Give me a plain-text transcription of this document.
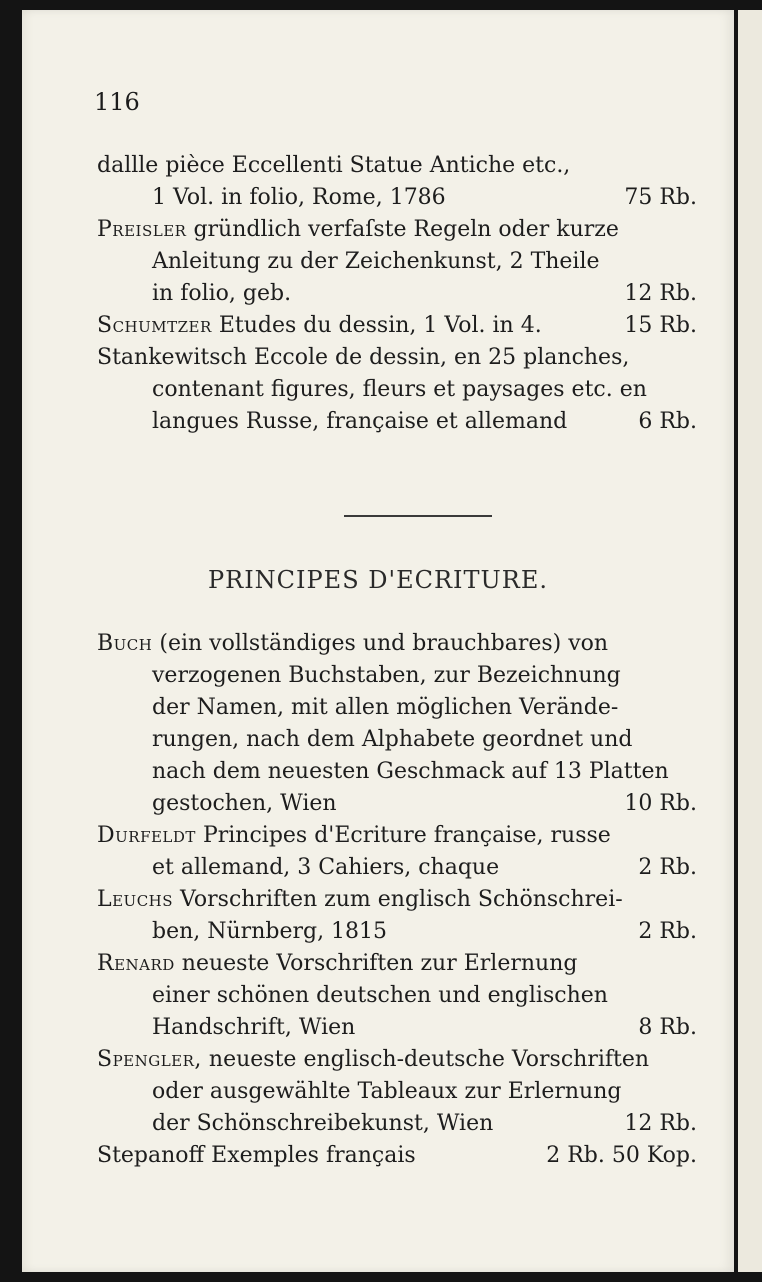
116
dallle pièce Eccellenti Statue Antiche etc.,
1 Vol. in folio, Rome, 1786	75 Rb.
Preisler gründlich verfaſste Regeln oder kurze
Anleitung zu der Zeichenkunst, 2 Theile
in folio, geb.	12 Rb.
Schumtzer Etudes du dessin, 1 Vol. in 4.	15 Rb.
Stankewitsch Eccole de dessin, en 25 planches,
contenant figures, fleurs et paysages etc. en
langues Russe, française et allemand	6 Rb.
PRINCIPES D'ECRITURE.
Buch (ein vollständiges und brauchbares) von
verzogenen Buchstaben, zur Bezeichnung
der Namen, mit allen möglichen Verände-
rungen, nach dem Alphabete geordnet und
nach dem neuesten Geschmack auf 13 Platten
gestochen, Wien	10 Rb.
Durfeldt Principes d'Ecriture française, russe
et allemand, 3 Cahiers, chaque	2 Rb.
Leuchs Vorschriften zum englisch Schönschrei-
ben, Nürnberg, 1815	2 Rb.
Renard neueste Vorschriften zur Erlernung
einer schönen deutschen und englischen
Handschrift, Wien	8 Rb.
Spengler, neueste englisch-deutsche Vorschriften
oder ausgewählte Tableaux zur Erlernung
der Schönschreibekunst, Wien	12 Rb.
Stepanoff Exemples français	2 Rb. 50 Kop.
